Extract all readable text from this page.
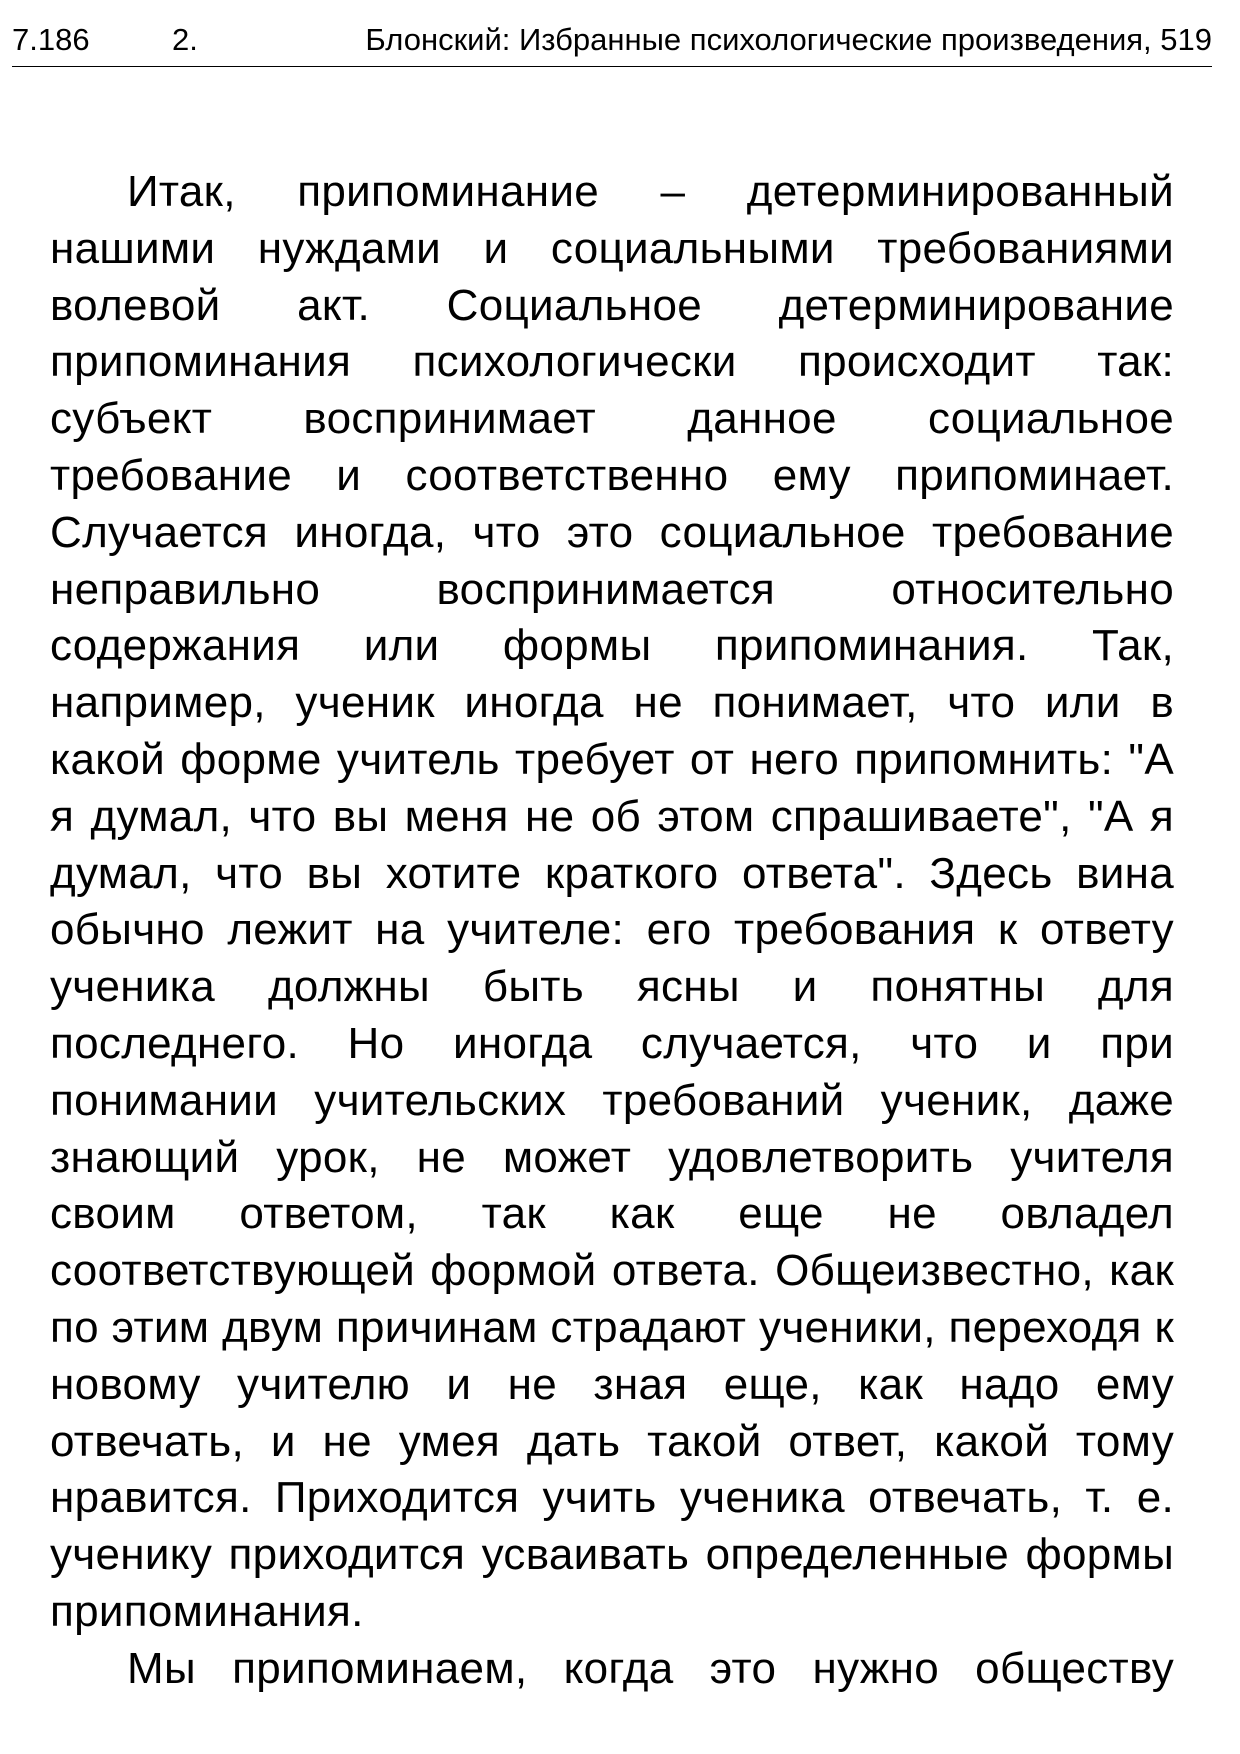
7.186	2.	Блонский: Избранные психологические произведения, 519

Итак, припоминание – детерминированный нашими нуждами и социальными требованиями волевой акт. Социальное детерминирование припоминания психологически происходит так: субъект воспринимает данное социальное требование и соответственно ему припоминает. Случается иногда, что это социальное требование неправильно воспринимается относительно содержания или формы припоминания. Так, например, ученик иногда не понимает, что или в какой форме учитель требует от него припомнить: "А я думал, что вы меня не об этом спрашиваете", "А я думал, что вы хотите краткого ответа". Здесь вина обычно лежит на учителе: его требования к ответу ученика должны быть ясны и понятны для последнего. Но иногда случается, что и при понимании учительских требований ученик, даже знающий урок, не может удовлетворить учителя своим ответом, так как еще не овладел соответствующей формой ответа. Общеизвестно, как по этим двум причинам страдают ученики, переходя к новому учителю и не зная еще, как надо ему отвечать, и не умея дать такой ответ, какой тому нравится. Приходится учить ученика отвечать, т. е. ученику приходится усваивать определенные формы припоминания.

Мы припоминаем, когда это нужно обществу
